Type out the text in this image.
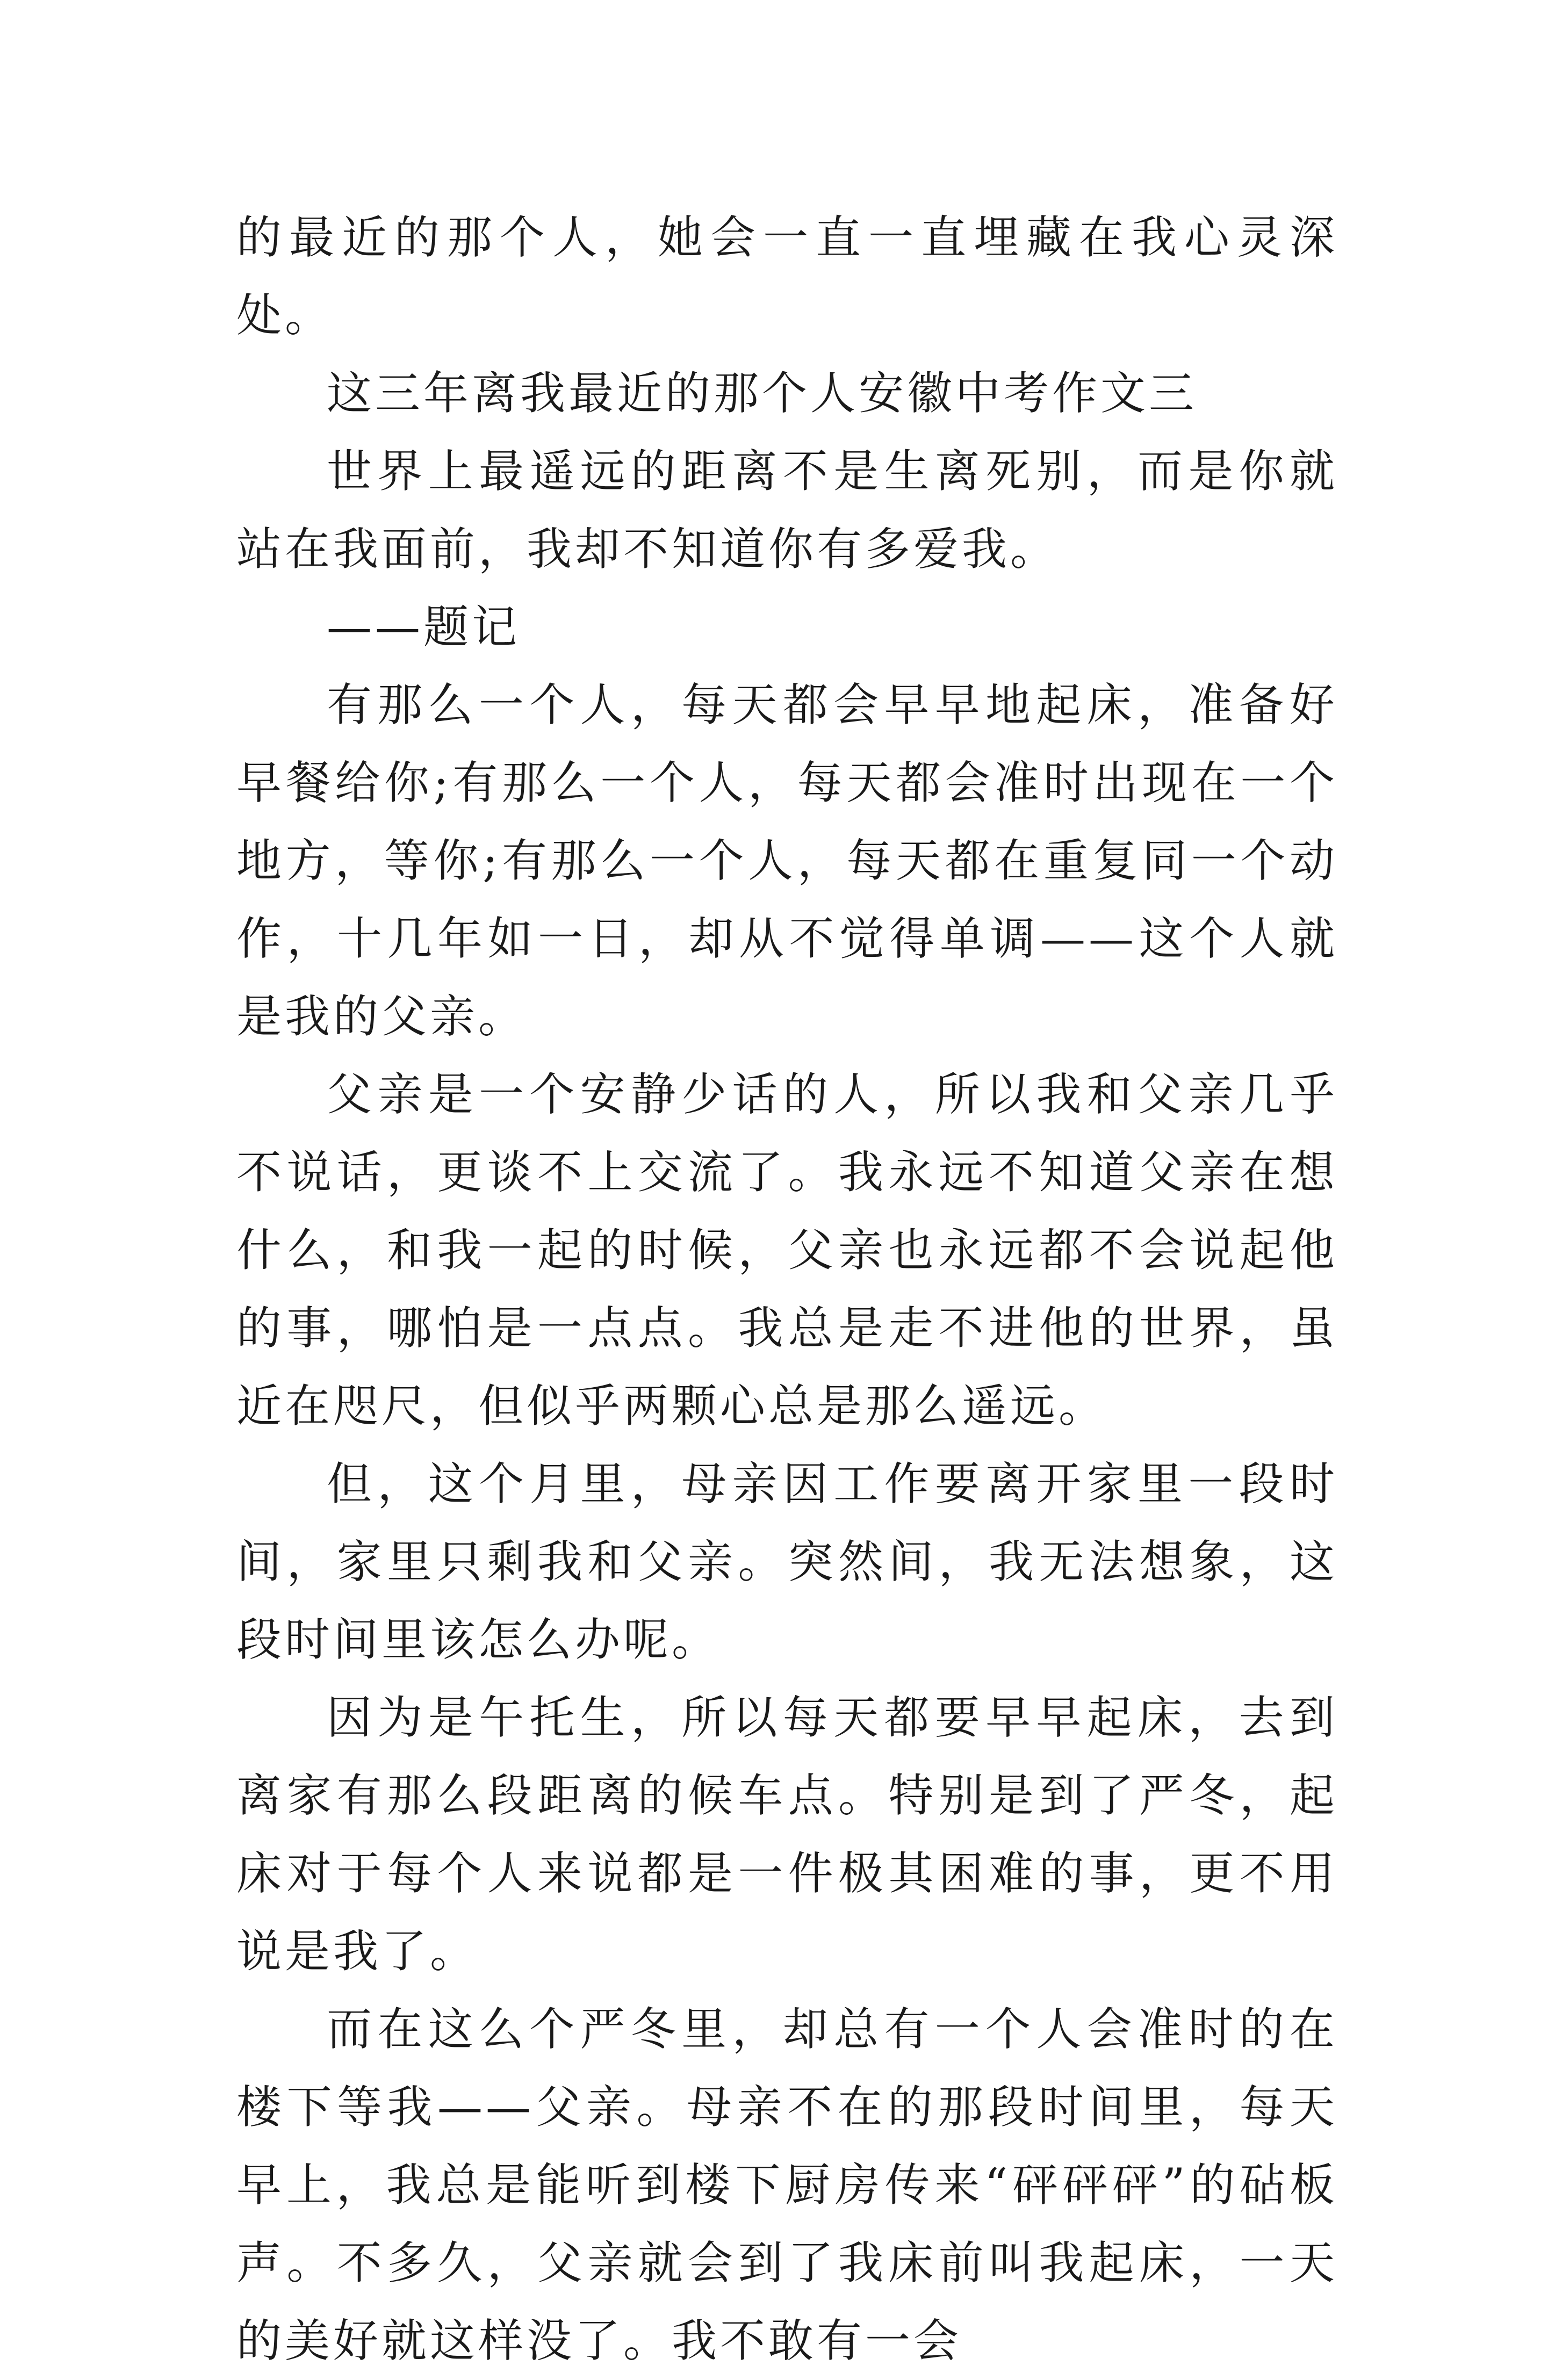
的最近的那个人，她会一直一直埋藏在我心灵深处。

这三年离我最近的那个人安徽中考作文三

世界上最遥远的距离不是生离死别，而是你就站在我面前，我却不知道你有多爱我。

——题记

有那么一个人，每天都会早早地起床，准备好早餐给你;有那么一个人，每天都会准时出现在一个地方，等你;有那么一个人，每天都在重复同一个动作，十几年如一日，却从不觉得单调——这个人就是我的父亲。

父亲是一个安静少话的人，所以我和父亲几乎不说话，更谈不上交流了。我永远不知道父亲在想什么，和我一起的时候，父亲也永远都不会说起他的事，哪怕是一点点。我总是走不进他的世界，虽近在咫尺，但似乎两颗心总是那么遥远。

但，这个月里，母亲因工作要离开家里一段时间，家里只剩我和父亲。突然间，我无法想象，这段时间里该怎么办呢。

因为是午托生，所以每天都要早早起床，去到离家有那么段距离的候车点。特别是到了严冬，起床对于每个人来说都是一件极其困难的事，更不用说是我了。

而在这么个严冬里，却总有一个人会准时的在楼下等我——父亲。母亲不在的那段时间里，每天早上，我总是能听到楼下厨房传来“砰砰砰”的砧板声。不多久，父亲就会到了我床前叫我起床，一天的美好就这样没了。我不敢有一会
